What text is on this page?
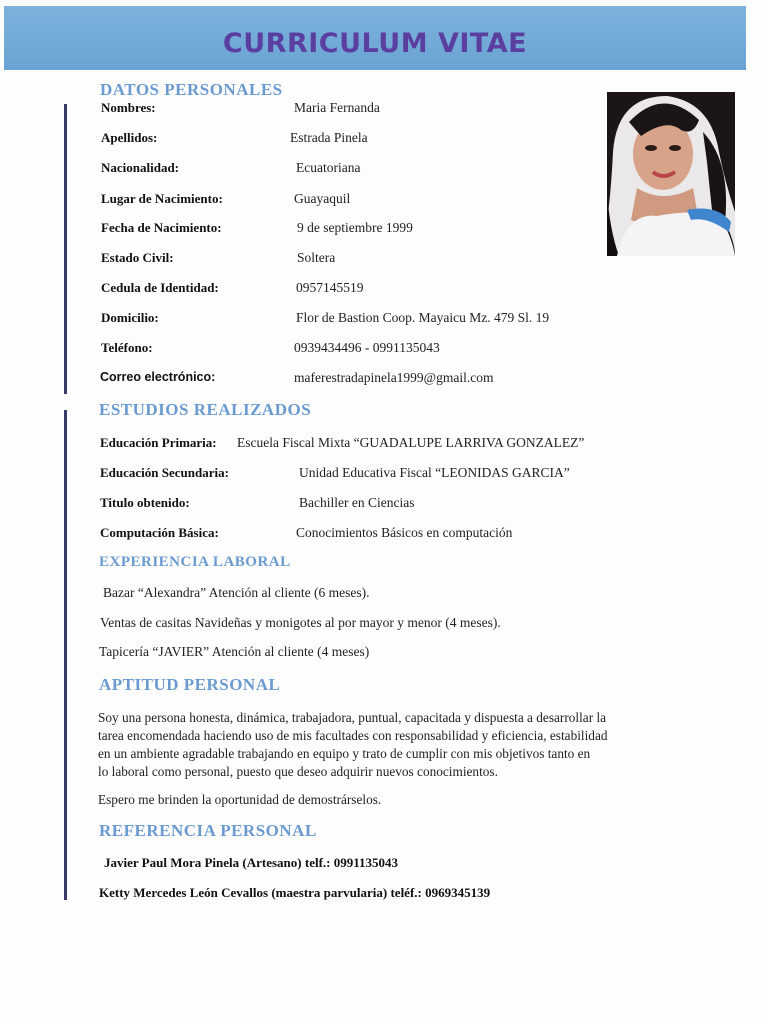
CURRICULUM VITAE
DATOS PERSONALES
Nombres:	Maria Fernanda
Apellidos:	Estrada Pinela
Nacionalidad:	Ecuatoriana
Lugar de Nacimiento:	Guayaquil
Fecha de Nacimiento:	9 de septiembre 1999
Estado Civil:	Soltera
Cedula de Identidad:	0957145519
Domicilio:	Flor de Bastion Coop. Mayaicu Mz. 479 Sl. 19
Teléfono:	0939434496 - 0991135043
Correo electrónico:	maferestradapinela1999@gmail.com
ESTUDIOS REALIZADOS
Educación Primaria: Escuela Fiscal Mixta “GUADALUPE LARRIVA GONZALEZ”
Educación Secundaria:	Unidad Educativa Fiscal “LEONIDAS GARCIA”
Titulo obtenido:	Bachiller en Ciencias
Computación Básica:	Conocimientos Básicos en computación
EXPERIENCIA LABORAL
Bazar “Alexandra” Atención al cliente (6 meses).
Ventas de casitas Navideñas y monigotes al por mayor y menor (4 meses).
Tapicería “JAVIER” Atención al cliente (4 meses)
APTITUD PERSONAL
Soy una persona honesta, dinámica, trabajadora, puntual, capacitada y dispuesta a desarrollar la
tarea encomendada haciendo uso de mis facultades con responsabilidad y eficiencia, estabilidad
en un ambiente agradable trabajando en equipo y trato de cumplir con mis objetivos tanto en
lo laboral como personal, puesto que deseo adquirir nuevos conocimientos.
Espero me brinden la oportunidad de demostrárselos.
REFERENCIA PERSONAL
Javier Paul Mora Pinela (Artesano) telf.: 0991135043
Ketty Mercedes León Cevallos (maestra parvularia) teléf.: 0969345139
